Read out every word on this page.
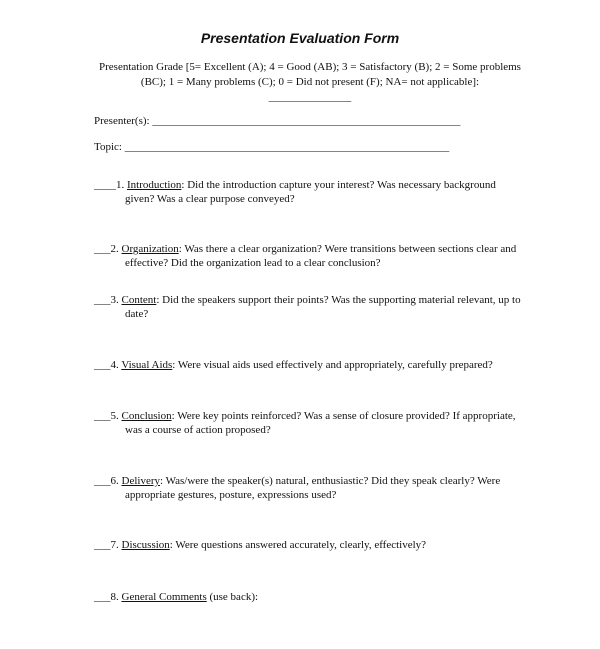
Presentation Evaluation Form

Presentation Grade [5= Excellent (A); 4 = Good (AB); 3 = Satisfactory (B); 2 = Some problems

(BC); 1 = Many problems (C); 0 = Did not present (F); NA= not applicable]:

_______________

Presenter(s): ________________________________________________________
Topic: ___________________________________________________________
____1. Introduction: Did the introduction capture your interest? Was necessary background
given? Was a clear purpose conveyed?
___2. Organization: Was there a clear organization? Were transitions between sections clear and
effective? Did the organization lead to a clear conclusion?
___3. Content: Did the speakers support their points? Was the supporting material relevant, up to
date?
___4. Visual Aids: Were visual aids used effectively and appropriately, carefully prepared?
___5. Conclusion: Were key points reinforced? Was a sense of closure provided? If appropriate,
was a course of action proposed?
___6. Delivery: Was/were the speaker(s) natural, enthusiastic? Did they speak clearly? Were
appropriate gestures, posture, expressions used?
___7. Discussion: Were questions answered accurately, clearly, effectively?
___8. General Comments (use back):
